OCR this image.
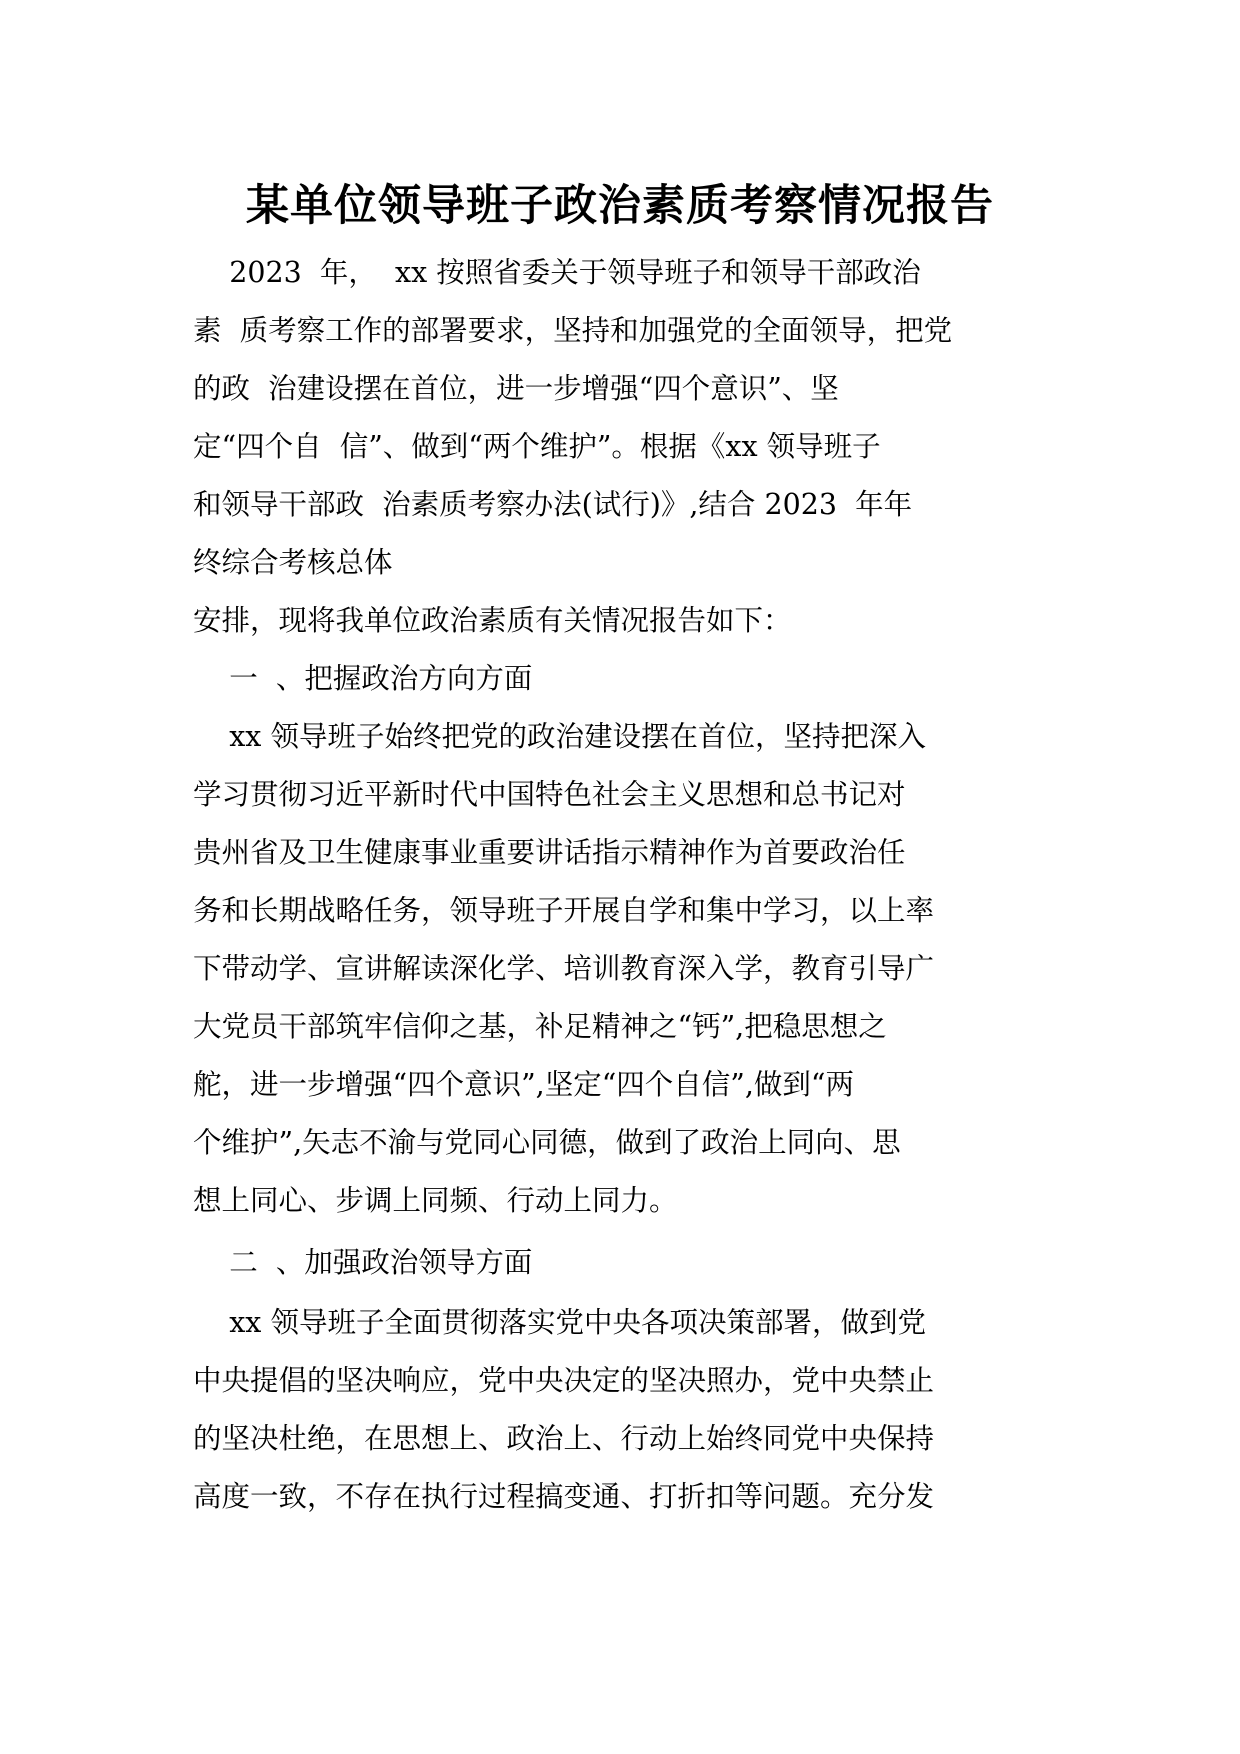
某单位领导班子政治素质考察情况报告

2023  年，  xx 按照省委关于领导班子和领导干部政治

素  质考察工作的部署要求，坚持和加强党的全面领导，把党

的政  治建设摆在首位，进一步增强“四个意识”、坚

定“四个自  信”、做到“两个维护”。根据《xx 领导班子

和领导干部政  治素质考察办法(试行)》,结合 2023  年年

终综合考核总体

安排，现将我单位政治素质有关情况报告如下：

一  、把握政治方向方面

xx 领导班子始终把党的政治建设摆在首位，坚持把深入

学习贯彻习近平新时代中国特色社会主义思想和总书记对

贵州省及卫生健康事业重要讲话指示精神作为首要政治任

务和长期战略任务，领导班子开展自学和集中学习，以上率

下带动学、宣讲解读深化学、培训教育深入学，教育引导广

大党员干部筑牢信仰之基，补足精神之“钙”,把稳思想之

舵，进一步增强“四个意识”,坚定“四个自信”,做到“两

个维护”,矢志不渝与党同心同德，做到了政治上同向、思

想上同心、步调上同频、行动上同力。

二  、加强政治领导方面

xx 领导班子全面贯彻落实党中央各项决策部署，做到党

中央提倡的坚决响应，党中央决定的坚决照办，党中央禁止

的坚决杜绝，在思想上、政治上、行动上始终同党中央保持

高度一致，不存在执行过程搞变通、打折扣等问题。充分发
